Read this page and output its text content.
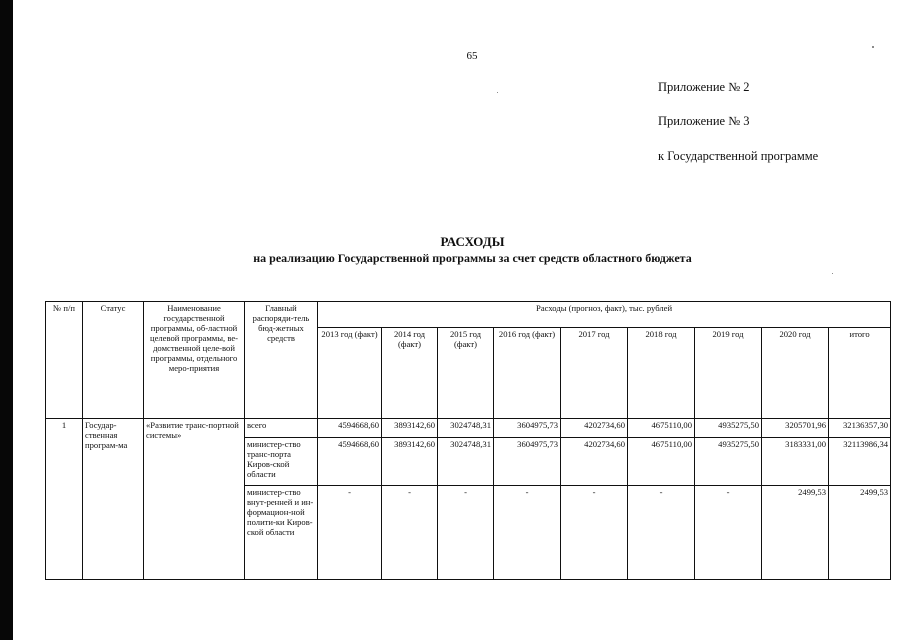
65
Приложение № 2
Приложение № 3
к Государственной программе
РАСХОДЫ
на реализацию Государственной программы за счет средств областного бюджета
№ п/п	Статус	Наименование государственной программы, об-ластной целевой программы, ве-домственной целе-вой программы, отдельного меро-приятия	Главный распоряди-тель бюд-жетных средств	Расходы (прогноз, факт), тыс. рублей								
				2013 год (факт)	2014 год (факт)	2015 год (факт)	2016 год (факт)	2017 год	2018 год	2019 год	2020 год	итого
1	Государ-ственная програм-ма	«Развитие транс-портной системы»	всего	4594668,60	3893142,60	3024748,31	3604975,73	4202734,60	4675110,00	4935275,50	3205701,96	32136357,30
			министер-ство транс-порта Киров-ской области	4594668,60	3893142,60	3024748,31	3604975,73	4202734,60	4675110,00	4935275,50	3183331,00	32113986,34
			министер-ство внут-ренней и ин-формацион-ной полити-ки Киров-ской области	-	-	-	-	-	-	-	2499,53	2499,53
